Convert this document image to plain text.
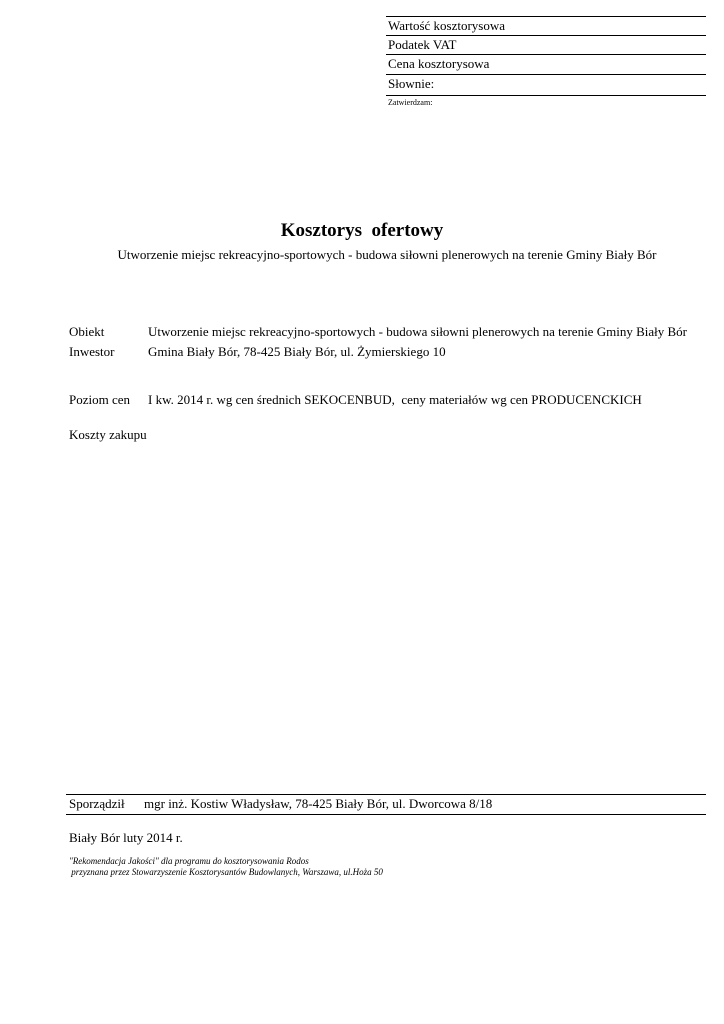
Wartość kosztorysowa
Podatek VAT
Cena kosztorysowa
Słownie:
Zatwierdzam:
Kosztorys  ofertowy
Utworzenie miejsc rekreacyjno-sportowych - budowa siłowni plenerowych na terenie Gminy Biały Bór
Obiekt	Utworzenie miejsc rekreacyjno-sportowych - budowa siłowni plenerowych na terenie Gminy Biały Bór
Inwestor	Gmina Biały Bór, 78-425 Biały Bór, ul. Żymierskiego 10
Poziom cen I kw. 2014 r. wg cen średnich SEKOCENBUD,  ceny materiałów wg cen PRODUCENCKICH
Koszty zakupu
Sporządził mgr inż. Kostiw Władysław, 78-425 Biały Bór, ul. Dworcowa 8/18
Biały Bór luty 2014 r.
"Rekomendacja Jakości" dla programu do kosztorysowania Rodos
przyznana przez Stowarzyszenie Kosztorysantów Budowlanych, Warszawa, ul.Hoża 50
